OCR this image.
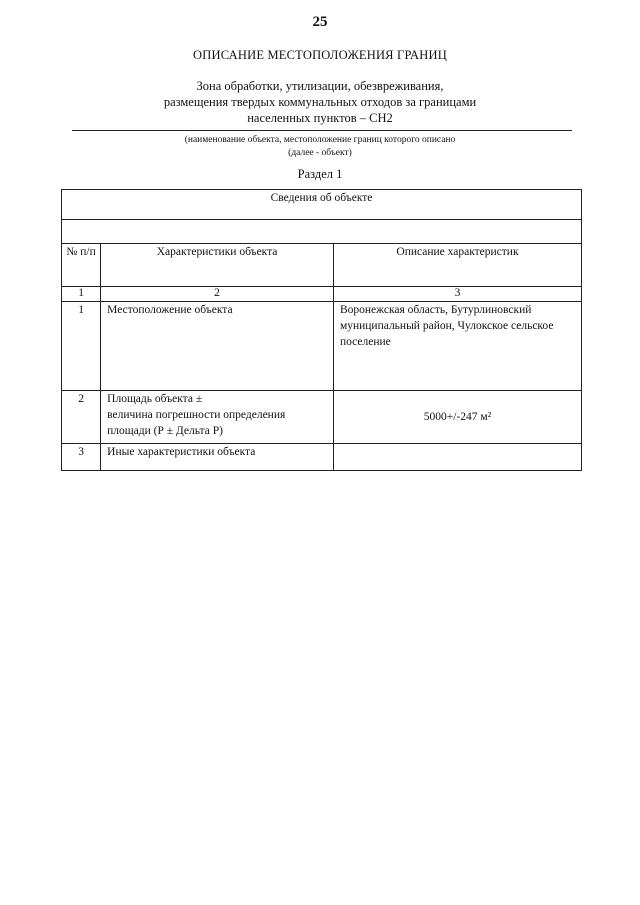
25
ОПИСАНИЕ МЕСТОПОЛОЖЕНИЯ ГРАНИЦ
Зона обработки, утилизации, обезвреживания,
размещения твердых коммунальных отходов за границами
населенных пунктов – СН2
(наименование объекта, местоположение границ которого описано
(далее - объект)
Раздел 1
Сведения об объекте		

№ п/п	Характеристики объекта	Описание характеристик
1	2	3
1	Местоположение объекта	Воронежская область, Бутурлиновский муниципальный район, Чулокское сельское поселение
2	Площадь объекта ±
величина погрешности определения
площади (Р ± Дельта Р)	5000+/-247 м²
3	Иные характеристики объекта	
